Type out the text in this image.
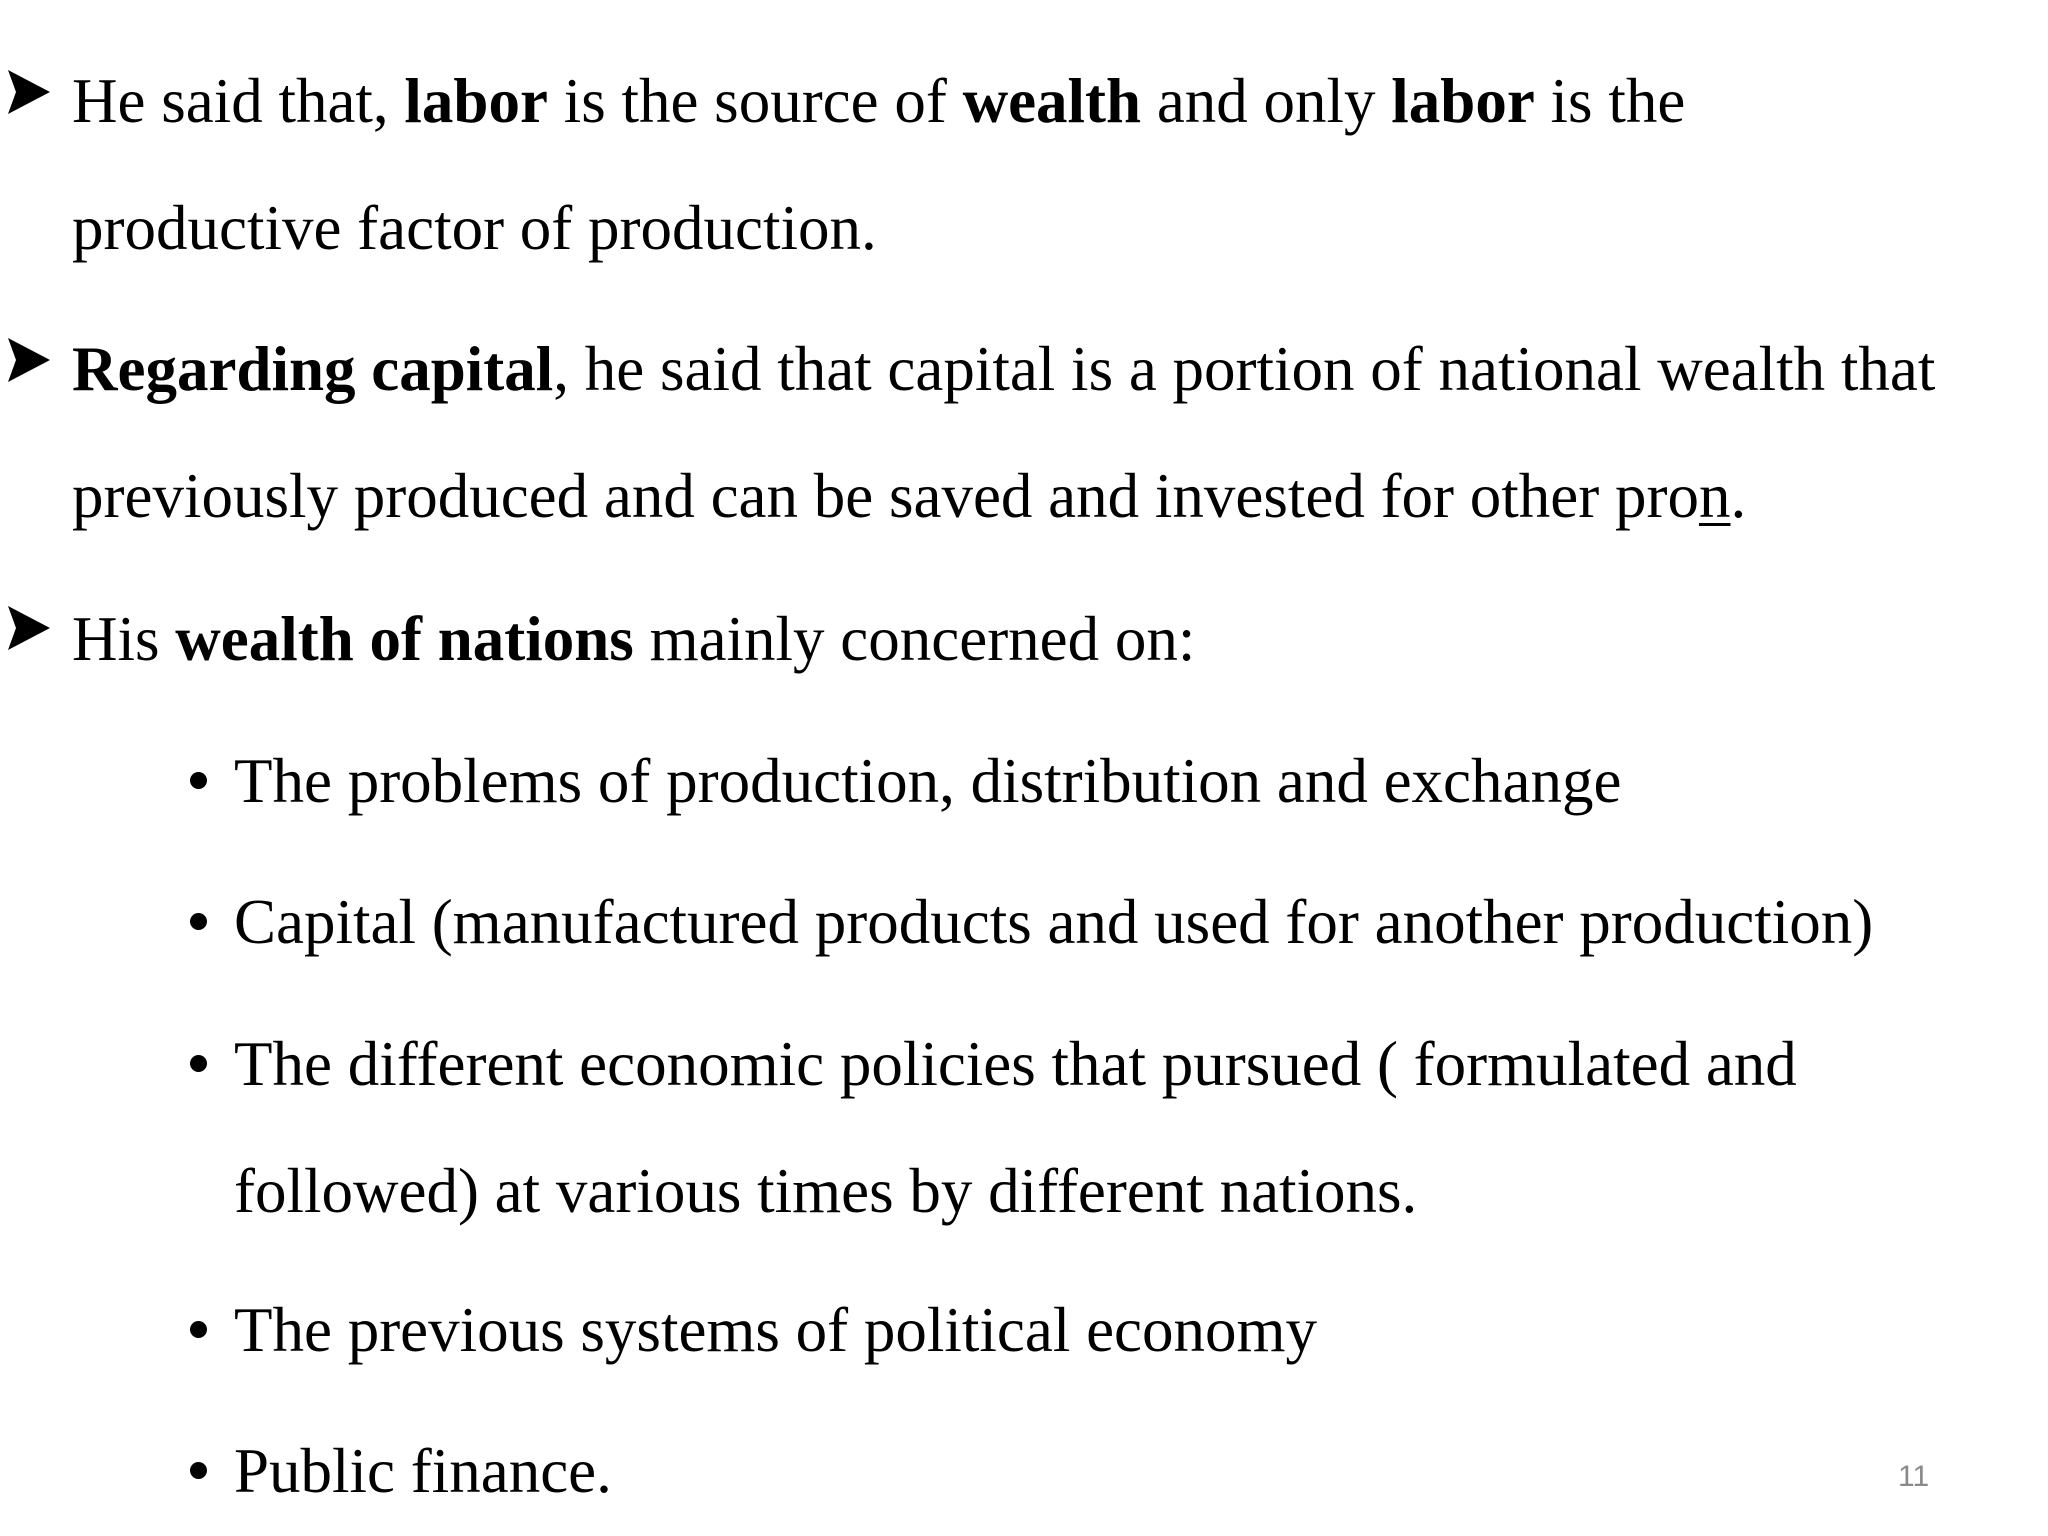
He said that, labor is the source of wealth and only labor is the
productive factor of production.
Regarding capital, he said that capital is a portion of national wealth that
previously produced and can be saved and invested for other pron.
His wealth of nations mainly concerned on:
The problems of production, distribution and exchange
Capital (manufactured products and used for another production)
The different economic policies that pursued ( formulated and
followed) at various times by different nations.
The previous systems of political economy
Public finance.	11
